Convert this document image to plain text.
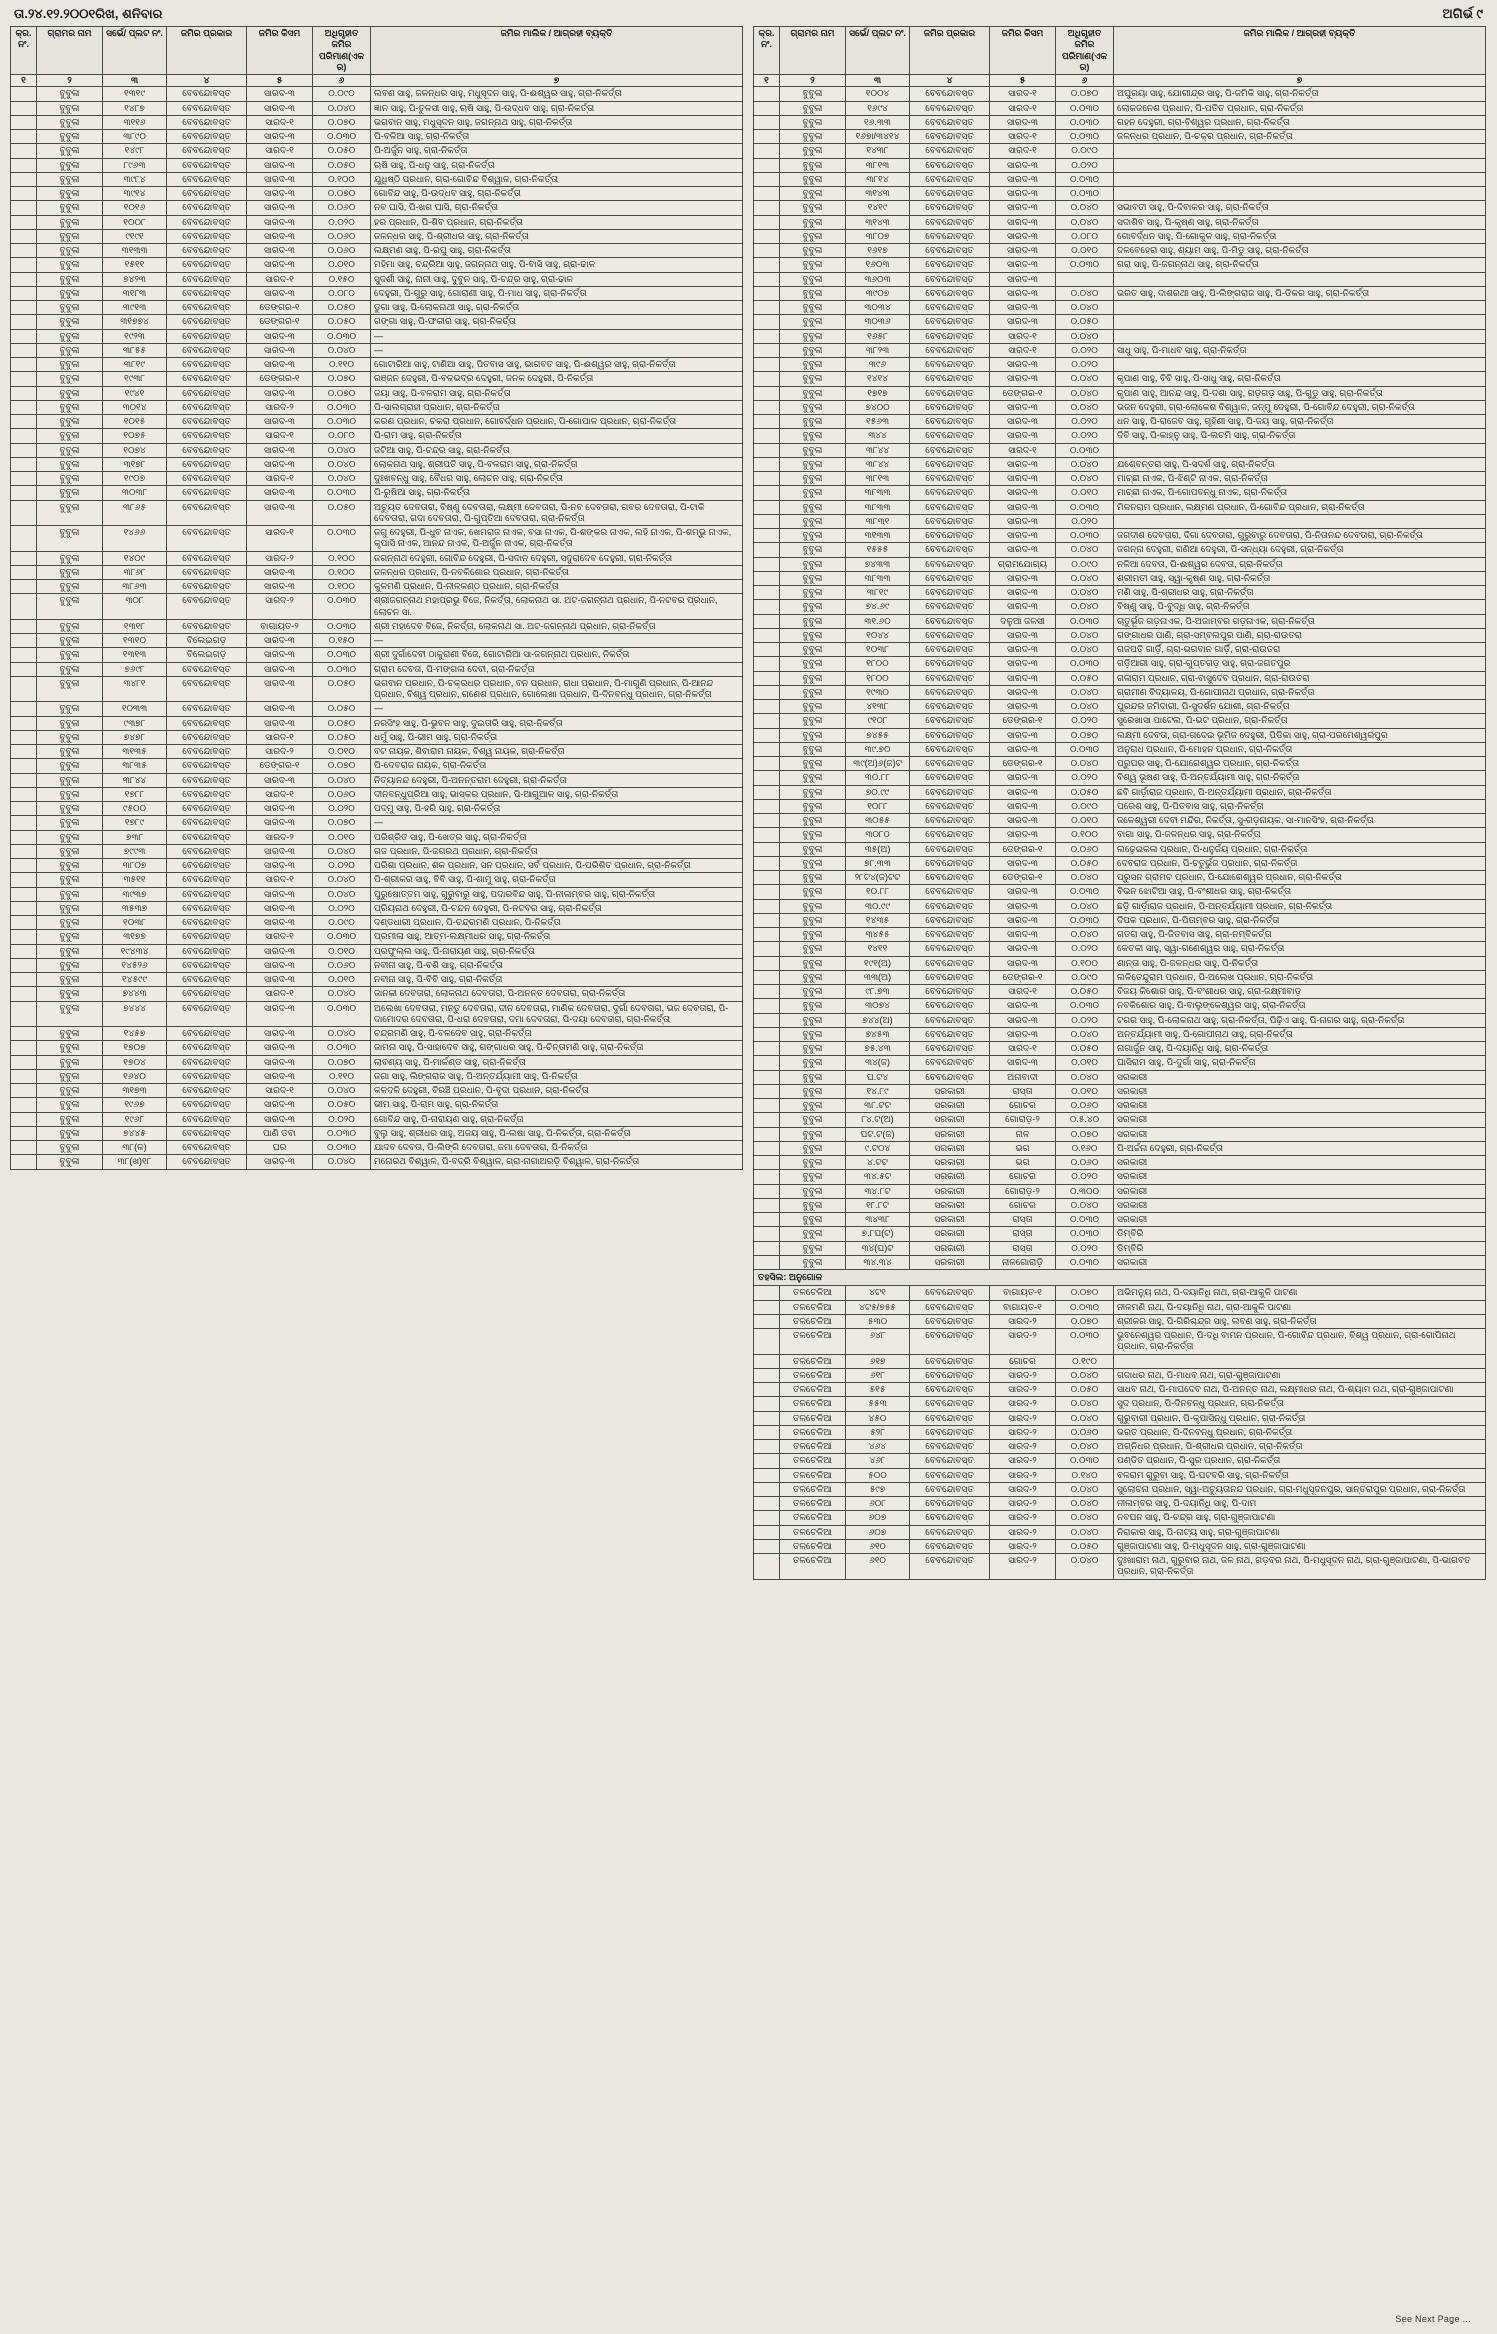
ତା.୨୪.୧୨.୨୦୦୧ରିଖ, ଶନିବାର	ଅଗିର୍ଭ ୯
କ୍ର. ନଂ.	ଗ୍ରାମର ନାମ	ସର୍ଭେ/ ପ୍ଲଟ ନଂ.	ଜମିର ପ୍ରକାର	ଜମିର କିସମ	ଅଧିଗୃହୀତ ଜମିର ପରିମାଣ(ଏକର)	ଜମିର ମାଲିକ / ଆଗ୍ରହୀ ବ୍ୟକ୍ତି
୧	୨	୩	୪	୫	୬	୭
	ବୁବୁଳା	୧୩୧୯	ବେବନ୍ଦୋବସ୍ତ	ସାରଦ-୩	୦.୦୯୦	ଲବଣ ସାହୁ, ଜଳନ୍ଧର ସାହୁ, ମଧୁସୂଦନ ସାହୁ, ପି-ଈଶ୍ୱର ସାହୁ, ଗ୍ରା-ନିକର୍ତ୍ତା
	ବୁବୁଳା	୧୪୮୭	ବେବନ୍ଦୋବସ୍ତ	ସାରଦ-୩	୦.୦୪୦	ଜ୍ଞାନ ସାହୁ, ପି-ତୁଳସୀ ସାହୁ, ଋଷି ସାହୁ, ପି-ଉଦ୍ଧବ ସାହୁ, ଗ୍ରା-ନିକର୍ତ୍ତା
	ବୁବୁଳା	୩୧୧୬	ବେବନ୍ଦୋବସ୍ତ	ସାରଦ-୧	୦.୦୭୦	ଭଗବାନ ସାହୁ, ମଧୁସୂଦନ ସାହୁ, ଜଗନ୍ନାଥ ସାହୁ, ଗ୍ରା-ନିକର୍ତ୍ତା
	ବୁବୁଳା	୩୮୯୦	ବେବନ୍ଦୋବସ୍ତ	ସାରଦ-୩	୦.୦୩୦	ପି-ବଳିଆ ସାହୁ, ଗ୍ରା-ନିକର୍ତ୍ତା
	ବୁବୁଳା	୧୪୯୮	ବେବନ୍ଦୋବସ୍ତ	ସାରଦ-୧	୦.୦୫୦	ପି-ଅର୍ଜୁନ ସାହୁ, ଗ୍ରା-ନିକର୍ତ୍ତା
	ବୁବୁଳା	୮୯୬୩	ବେବନ୍ଦୋବସ୍ତ	ସାରଦ-୩	୦.୦୫୦	ଋଷି ସାହୁ, ପି-ଧନୁ ସାହୁ, ଗ୍ରା-ନିକର୍ତ୍ତା
	ବୁବୁଳା	୩୯୮୪	ବେବନ୍ଦୋବସ୍ତ	ସାରଦ-୩	୦.୧୦୦	ଯୁଧିଷ୍ଠି ପ୍ରଧାନ, ଗ୍ରା-ଗୋବିନ୍ଦ ବିଶ୍ୱାଳ, ଗ୍ରା-ନିକର୍ତ୍ତା
	ବୁବୁଳା	୩୯୧୪	ବେବନ୍ଦୋବସ୍ତ	ସାରଦ-୩	୦.୦୭୦	ଗୋବିନ୍ଦ ସାହୁ, ପି-ଉଦ୍ଧବ ସାହୁ, ଗ୍ରା-ନିକର୍ତ୍ତା
	ବୁବୁଳା	୧୦୧୬	ବେବନ୍ଦୋବସ୍ତ	ସାରଦ-୩	୦.୦୬୦	ନବ ଘାସି, ପି-ଖଗ ଘାସି, ଗ୍ରା-ନିକର୍ତ୍ତା
	ବୁବୁଳା	୧୦୦୮	ବେବନ୍ଦୋବସ୍ତ	ସାରଦ-୩	୦.୦୨୦	ହର ପ୍ରଧାନ, ପି-ଶିବ ପ୍ରଧାନ, ଗ୍ରା-ନିକର୍ତ୍ତା
	ବୁବୁଳା	୯୧୯୧	ବେବନ୍ଦୋବସ୍ତ	ସାରଦ-୩	୦.୦୬୦	ଜଳନ୍ଧର ସାହୁ, ପି-ଶ୍ରୀଧର ସାହୁ, ଗ୍ରା-ନିକର୍ତ୍ତା
	ବୁବୁଳା	୩୧୩୩	ବେବନ୍ଦୋବସ୍ତ	ସାରଦ-୩	୦.୦୬୦	ଲକ୍ଷ୍ମଣ ସାହୁ, ପି-ରଘୁ ସାହୁ, ଗ୍ରା-ନିକର୍ତ୍ତା
	ବୁବୁଳା	୧୫୧୧	ବେବନ୍ଦୋବସ୍ତ	ସାରଦ-୩	୦.୦୧୦	ମହିମା ସାହୁ, ଚନ୍ଦ୍ରିଆ ସାହୁ, ଜଗନ୍ନାଥ ସାହୁ, ପି-ବାସି ସାହୁ, ଗ୍ରା-ଢାଳ
	ବୁବୁଳା	୭୪୨୩	ବେବନ୍ଦୋବସ୍ତ	ସାରଦ-୧	୦.୧୫୦	ସୁଦର୍ଶୀ ସାହୁ, ନାନୀ ସାହୁ, ଦୁବୁନ ସାହୁ, ପି-ଚନ୍ଦ୍ର ସାହୁ, ଗ୍ରା-ଢାଳ
	ବୁବୁଳା	୩୧୮୩	ବେବନ୍ଦୋବସ୍ତ	ସାରଦ-୩	୦.୦୮୦	ଦେହୁରୀ, ପି-ଗୁରୁ ସାହୁ, ଗୋରାଣୀ ସାହୁ, ପି-ମାଧ ସାହୁ, ଗ୍ରା-ନିକର୍ତ୍ତା
	ବୁବୁଳା	୩୯୧୩	ବେବନ୍ଦୋବସ୍ତ	ଡେଙ୍ଗର-୧	୦.୦୫୦	ଡୁଗା ସାହୁ, ପି-ଲୋକନାଥୀ ସାହୁ, ଗ୍ରା-ନିକର୍ତ୍ତା
	ବୁବୁଳା	୩୧୭୭୪	ବେବନ୍ଦୋବସ୍ତ	ଡେଙ୍ଗର-୧	୦.୦୫୦	ଗଙ୍ଗା ସାହୁ, ପି-ଫକୀର ସାହୁ, ଗ୍ରା-ନିକର୍ତ୍ତା
	ବୁବୁଳା	୧୯୨୩	ବେବନ୍ଦୋବସ୍ତ	ସାରଦ-୩	୦.୦୩୦	—
	ବୁବୁଳା	୩୮୫୫	ବେବନ୍ଦୋବସ୍ତ	ସାରଦ-୩	୦.୦୪୦	—
	ବୁବୁଳା	୩୮୧୯	ବେବନ୍ଦୋବସ୍ତ	ସାରଦ-୩	୦.୧୧୦	ଗୋଟାରିଆ ସାହୁ, ଟାଣିଆ ସାହୁ, ପିତବାସ ସାହୁ, ଭାଗବତ ସାହୁ, ପି-ଈଶ୍ୱର ସାହୁ, ଗ୍ରା-ନିକର୍ତ୍ତା
	ବୁବୁଳା	୧୯୩୮	ବେବନ୍ଦୋବସ୍ତ	ଡେଙ୍ଗର-୧	୦.୦୭୦	ରଞ୍ଜନ ଦେହୁରୀ, ପି-ବଳଭଦ୍ର ଦେହୁରୀ, ଜନକ ଦେହୁରୀ, ପି-ନିକର୍ତ୍ତା
	ବୁବୁଳା	୧୯୪୧	ବେବନ୍ଦୋବସ୍ତ	ସାରଦ-୩	୦.୦୭୦	ଜୟା ସାହୁ, ପି-ବଳରାମ ସାହୁ, ଗ୍ରା-ନିକର୍ତ୍ତା
	ବୁବୁଳା	୩୦୧୪	ବେବନ୍ଦୋବସ୍ତ	ସାରଦ-୨	୦.୦୩୦	ପି-ସାଲଗ୍ରାହୀ ପ୍ରଧାନ, ଗ୍ରା-ନିକର୍ତ୍ତା
	ବୁବୁଳା	୧୦୧୫	ବେବନ୍ଦୋବସ୍ତ	ସାରଦ-୩	୦.୦୩୦	କରଣ ପ୍ରଧାନ, ଚକରା ପ୍ରଧାନ, ଗୋବର୍ଦ୍ଧନ ପ୍ରଧାନ, ପି-ଗୋପାଳ ପ୍ରଧାନ, ଗ୍ରା-ନିକର୍ତ୍ତା
	ବୁବୁଳା	୧୦୭୫	ବେବନ୍ଦୋବସ୍ତ	ସାରଦ-୧	୦.୦୮୦	ପି-ରାମ ସାହୁ, ଗ୍ରା-ନିକର୍ତ୍ତା
	ବୁବୁଳା	୧୦୭୪	ବେବନ୍ଦୋବସ୍ତ	ସାରଦ-୩	୦.୦୪୦	ଜଟିଆ ସାହୁ, ପି-ଚନ୍ଦ୍ର ସାହୁ, ଗ୍ରା-ନିକର୍ତ୍ତା
	ବୁବୁଳା	୩୧୭୮	ବେବନ୍ଦୋବସ୍ତ	ସାରଦ-୩	୦.୦୪୦	ଲୋକନାଥ ସାହୁ, ଶ୍ରୀପତି ସାହୁ, ପି-ବଳରାମ ସାହୁ, ଗ୍ରା-ନିକର୍ତ୍ତା
	ବୁବୁଳା	୧୯୦୭	ବେବନ୍ଦୋବସ୍ତ	ସାରଦ-୧	୦.୦୪୦	ଦୁଃଖବନ୍ଧୁ ସାହୁ, ବୈଧର ସାହୁ, ଲୋଚନ ସାହୁ, ଗ୍ରା-ନିକର୍ତ୍ତା
	ବୁବୁଳା	୩୦୩୮	ବେବନ୍ଦୋବସ୍ତ	ସାରଦ-୩	୦.୦୩୦	ପି-ରୁଷିଆ ସାହୁ, ଗ୍ରା-ନିକର୍ତ୍ତା
	ବୁବୁଳା	୩୮୬୫	ବେବନ୍ଦୋବସ୍ତ	ସାରଦ-୩	୦.୦୫୦	ଅଚ୍ୟୁତ ଦେବତାରା, ବିଷ୍ଣୁ ଦେବତାରା, ଲକ୍ଷ୍ମୀ ଦେବତାରା, ପି-ନବ ଦେବତାରା, ଗବର ଦେବତାରା, ପି-ଟାକି ଦେବତାରା, ଗଦା ଦେବତାରା, ପି-ଗୁପ୍ତିଆ ଦେବତାରା, ଗ୍ରା-ନିକର୍ତ୍ତା
	ବୁବୁଳା	୧୪୬୬	ବେବନ୍ଦୋବସ୍ତ	ସାରଦ-୧	୦.୦୩୦	ଜଗୁ ଦେହୁରୀ, ପି-ଧୁବ ନାଏକ, ଖେମରାଜ ନାଏକ, ବସା ନାଏକ, ପି-ଶଙ୍କର ନାଏକ, ଲହି ନାଏକ, ପି-ଶମ୍ଭୁ ନାଏକ, କୃପାସି ନାଏକ, ଆନନ୍ଦ ନାଏକ, ପି-ଅର୍ଜୁନ ନାଏକ, ଗ୍ରା-ନିକର୍ତ୍ତା
	ବୁବୁଳା	୧୪୦୯	ବେବନ୍ଦୋବସ୍ତ	ସାରଦ-୨	୦.୧୦୦	ଜଗନ୍ନାଥ ଦେହୁରୀ, ଗୋବିନ୍ଦ ଦେହୁରୀ, ପି-ସଦାନ ଦେହୁରୀ, ସଦୁରାଦେବ ଦେହୁରୀ, ଗ୍ରା-ନିକର୍ତ୍ତା
	ବୁବୁଳା	୩୮୬୮	ବେବନ୍ଦୋବସ୍ତ	ସାରଦ-୩	୦.୧୦୦	ଜଳନ୍ଧର ପ୍ରଧାନ, ପି-ନବକିଶୋର ପ୍ରଧାନ, ଗ୍ରା-ନିକର୍ତ୍ତା
	ବୁବୁଳା	୩୮୬୩	ବେବନ୍ଦୋବସ୍ତ	ସାରଦ-୩	୦.୧୦୦	କୁଳମଣି ପ୍ରଧାନ, ପି-ନୀଳକଣ୍ଠ ପ୍ରଧାନ, ଗ୍ରା-ନିକର୍ତ୍ତା
	ବୁବୁଳା	୩୦୮	ବେବନ୍ଦୋବସ୍ତ	ସାରଦ-୨	୦.୦୩୦	ଶ୍ରୀଜଗନ୍ନାଥ ମହାପ୍ରଭୁ ବିଜେ, ନିକର୍ତ୍ତା, ଲୋକନାଥ ସା. ଅଟ-ଜଗନ୍ନାଥ ପ୍ରଧାନ, ପି-ନଟବର ପ୍ରଧାନ, ଲୋଚନ ସା.
	ବୁବୁଳା	୧୩୧୮	ବେବନ୍ଦୋବସ୍ତ	ବାଗାୟତ-୨	୦.୦୩୦	ଶ୍ରୀ ମହାଦେବ ବିଜେ, ନିକର୍ତ୍ତା, ଲୋକନାଥ ସା. ଅଟ-ଜଗନ୍ନାଥ ପ୍ରଧାନ, ଗ୍ରା-ନିକର୍ତ୍ତା
	ବୁବୁଳା	୧୩୧୦	ବିଲେଇଗଡ଼	ସାରଦ-୩	୦.୧୫୦	—
	ବୁବୁଳା	୧୩୧୩	ବିଲେଇଗଡ଼	ସାରଦ-୩	୦.୦୩୦	ଶ୍ରୀ ଦୁର୍ଗାଦେବୀ ଠାକୁରାଣୀ ବିଜେ, ଗୋଟାରିଆ ସା-ଜଗନ୍ନାଥ ପ୍ରଧାନ, ନିକର୍ତ୍ତା
	ବୁବୁଳା	୭୬୯୮	ବେବନ୍ଦୋବସ୍ତ	ସାରଦ-୩	୦.୦୩୦	ଗ୍ରାମ ଦେବତା, ପି-ମଙ୍ଗଳା ଦେବୀ, ଗ୍ରା-ନିକର୍ତ୍ତା
	ବୁବୁଳା	୩୪୮୧	ବେବନ୍ଦୋବସ୍ତ	ସାରଦ-୩	୦.୦୫୦	ଭଗବାନ ପ୍ରଧାନ, ପି-ଚକ୍ରଧର ପ୍ରଧାନ, ବନ ପ୍ରଧାନ, ରାଧା ପ୍ରଧାନ, ପି-ମାଗୁଣି ପ୍ରଧାନ, ପି-ଆନନ୍ଦ ପ୍ରଧାନ, ବିଶ୍ୱ ପ୍ରଧାନ, ଗଣେଶ ପ୍ରଧାନ, ଗୋଲେଖା ପ୍ରଧାନ, ପି-ଦିନବନ୍ଧୁ ପ୍ରଧାନ, ଗ୍ରା-ନିକର୍ତ୍ତା
	ବୁବୁଳା	୧୦୩୩	ବେବନ୍ଦୋବସ୍ତ	ସାରଦ-୩	୦.୦୫୦	—
	ବୁବୁଳା	୯୩୭୮	ବେବନ୍ଦୋବସ୍ତ	ସାରଦ-୩	୦.୦୫୦	ନରସିଂହ ସାହୁ, ପି-ଭୁବନ ସାହୁ, ଦୁଇତାରି ସାହୁ, ଗ୍ରା-ନିକର୍ତ୍ତା
	ବୁବୁଳା	୭୪୭୮	ବେବନ୍ଦୋବସ୍ତ	ସାରଦ-୧	୦.୦୫୦	ଧର୍ମୁ ସାହୁ, ପି-ଭୀମ ସାହୁ, ଗ୍ରା-ନିକର୍ତ୍ତା
	ବୁବୁଳା	୩୧୩୫	ବେବନ୍ଦୋବସ୍ତ	ସାରଦ-୨	୦.୦୧୦	ବଟ ନାୟକ, ଶିବାରାମ ନାୟକ, ବିଶ୍ୱ ନାୟକ, ଗ୍ରା-ନିକର୍ତ୍ତା
	ବୁବୁଳା	୩୮୩୫	ବେବନ୍ଦୋବସ୍ତ	ଡେଙ୍ଗର-୧	୦.୦୭୦	ପି-ଦେବରାଜ ନାୟକ, ଗ୍ରା-ନିକର୍ତ୍ତା
	ବୁବୁଳା	୩୮୪୪	ବେବନ୍ଦୋବସ୍ତ	ସାରଦ-୩	୦.୦୪୦	ନିତ୍ୟାନନ୍ଦ ଦେହୁରୀ, ପି-ଅନନ୍ତରାମ ଦେହୁରୀ, ଗ୍ରା-ନିକର୍ତ୍ତା
	ବୁବୁଳା	୧୭୮୮	ବେବନ୍ଦୋବସ୍ତ	ସାରଦ-୧	୦.୦୬୦	ଦୀନବନ୍ଧୁପ୍ରିଆ ସାହୁ, ଭାସ୍କର ପ୍ରଧାନ, ପି-ଆଗୁଆଳ ସାହୁ, ଗ୍ରା-ନିକର୍ତ୍ତା
	ବୁବୁଳା	୯୫୦୦	ବେବନ୍ଦୋବସ୍ତ	ସାରଦ-୩	୦.୦୨୦	ପଦ୍ମୁ ସାହୁ, ପି-ହରି ସାହୁ, ଗ୍ରା-ନିକର୍ତ୍ତା
	ବୁବୁଳା	୧୭୮୯	ବେବନ୍ଦୋବସ୍ତ	ସାରଦ-୩	୦.୦୭୦	—
	ବୁବୁଳା	୭୩୮	ବେବନ୍ଦୋବସ୍ତ	ସାରଦ-୨	୦.୦୧୦	ପରିଶ୍ରିତ ସାହୁ, ପି-ଖେତ୍ର ସାହୁ, ଗ୍ରା-ନିକର୍ତ୍ତା
	ବୁବୁଳା	୭୯୯୩	ବେବନ୍ଦୋବସ୍ତ	ସାରଦ-୩	୦.୦୪୦	ଗଜ ପ୍ରଧାନ, ପି-ଜଗରଥ ପ୍ରଧାନ, ଗ୍ରା-ନିକର୍ତ୍ତା
	ବୁବୁଳା	୩୮୦୭	ବେବନ୍ଦୋବସ୍ତ	ସାରଦ-୩	୦.୦୨୦	ପରିଶା ପ୍ରଧାନ, ଶକ ପ୍ରଧାନ, ସନ ପ୍ରଧାନ, ସର୍ବ ପ୍ରଧାନ, ପି-ପରିଶିତ ପ୍ରଧାନ, ଗ୍ରା-ନିକର୍ତ୍ତା
	ବୁବୁଳା	୩୫୧୧	ବେବନ୍ଦୋବସ୍ତ	ସାରଦ-୧	୦.୦୪୦	ପି-ଶ୍ରୀକର ସାହୁ, ବିବି ସାହୁ, ପି-ଶାମୁ ସାହୁ, ଗ୍ରା-ନିକର୍ତ୍ତା
	ବୁବୁଳା	୩୯୩୭	ବେବନ୍ଦୋବସ୍ତ	ସାରଦ-୩	୦.୦୪୦	ପୁରୁଷୋତ୍ତମ ସାହୁ, ଗୁରୁବାରୁ ସାହୁ, ପଦାରବିନ୍ଦ ସାହୁ, ପି-ନୀଳାମ୍ବର ସାହୁ, ଗ୍ରା-ନିକର୍ତ୍ତା
	ବୁବୁଳା	୩୫୩୭	ବେବନ୍ଦୋବସ୍ତ	ସାରଦ-୩	୦.୦୨୦	ପ୍ରିୟନାଥ ଦେହୁରୀ, ପି-ଚନ୍ଦନ ଦେହୁରୀ, ପି-ନଟବର ସାହୁ, ଗ୍ରା-ନିକର୍ତ୍ତା
	ବୁବୁଳା	୧୦୩୮	ବେବନ୍ଦୋବସ୍ତ	ସାରଦ-୩	୦.୦୯୦	ଦଣ୍ଡଧାରୀ ପ୍ରଧାନ, ପି-ଚନ୍ଦ୍ରମଣି ପ୍ରଧାନ, ପି-ନିକର୍ତ୍ତା
	ବୁବୁଳା	୩୧୭୭	ବେବନ୍ଦୋବସ୍ତ	ସାରଦ-୧	୦.୦୩୦	ପ୍ରମୀଳା ସାହୁ, ଆତ୍ମ-ଲକ୍ଷ୍ମୀଧର ସାହୁ, ଗ୍ରା-ନିକର୍ତ୍ତା
	ବୁବୁଳା	୧୯୪୩୪	ବେବନ୍ଦୋବସ୍ତ	ସାରଦ-୩	୦.୦୧୦	ପ୍ରଫୁଲ୍ଲ ସାହୁ, ପି-ନାରାୟଣ ସାହୁ, ଗ୍ରା-ନିକର୍ତ୍ତା
	ବୁବୁଳା	୧୪୫୨୬	ବେବନ୍ଦୋବସ୍ତ	ସାରଦ-୩	୦.୦୬୦	ନବୀନା ସାହୁ, ପି-ବଶି ସାହୁ, ଗ୍ରା-ନିକର୍ତ୍ତା
	ବୁବୁଳା	୧୪୫୯୯	ବେବନ୍ଦୋବସ୍ତ	ସାରଦ-୩	୦.୦୧୦	ନବୀନା ସାହୁ, ପି-ବିବି ସାହୁ, ଗ୍ରା-ନିକର୍ତ୍ତା
	ବୁବୁଳା	୭୪୪୩	ବେବନ୍ଦୋବସ୍ତ	ସାରଦ-୧	୦.୦୪୦	ଜାନକୀ ଦେବତାରା, ଲୋକନାଥ ଦେବତାରା, ପି-ଅନନ୍ତ ଦେବତାରା, ଗ୍ରା-ନିକର୍ତ୍ତା
	ବୁବୁଳା	୭୪୪୪	ବେବନ୍ଦୋବସ୍ତ	ସାରଦ-୩	୦.୦୩୦	ଅଲେଖା ଦେବତାରା, ମନ୍ତୁ ଦେବତାରା, ଦୀନ ଦେବତାରା, ମାଣିକ ଦେବତାରା, ଦୁର୍ଗା ଦେବତାରା, ଭଜ ଦେବତାରା, ପି-ଦାମୋଦର ଦେବତାରା, ପି-ଧରା ଦେବତାରା, ଦମା ଦେବତାରା, ପି-ଦୟା ଦେବତାରା, ଗ୍ରା-ନିକର୍ତ୍ତା
	ବୁବୁଳା	୧୪୫୭	ବେବନ୍ଦୋବସ୍ତ	ସାରଦ-୩	୦.୦୪୦	ଚନ୍ଦ୍ରମଣି ସାହୁ, ପି-ବଳଦେବ ସାହୁ, ଗ୍ରା-ନିକର୍ତ୍ତା
	ବୁବୁଳା	୧୭୦୭	ବେବନ୍ଦୋବସ୍ତ	ସାରଦ-୩	୦.୦୩୦	ଜାମନା ସାହୁ, ପି-ସାହାଦେବ ସାହୁ, ଗଙ୍ଗାଧର ସାହୁ, ପି-ଚିନ୍ତାମଣି ସାହୁ, ଗ୍ରା-ନିକର୍ତ୍ତା
	ବୁବୁଳା	୧୭୦୪	ବେବନ୍ଦୋବସ୍ତ	ସାରଦ-୩	୦.୦୭୦	ଲାବଣ୍ୟ ସାହୁ, ପି-ମାର୍କଣ୍ଡ ସାହୁ, ଗ୍ରା-ନିକର୍ତ୍ତା
	ବୁବୁଳା	୧୬୪୦	ବେବନ୍ଦୋବସ୍ତ	ସାରଦ-୩	୦.୧୧୦	ଜଗା ସାହୁ, ଲିଙ୍ଗରାଜ ସାହୁ, ପି-ଅନ୍ତର୍ଯ୍ୟାମୀ ସାହୁ, ପି-ନିକର୍ତ୍ତା
	ବୁବୁଳା	୩୧୭୩	ବେବନ୍ଦୋବସ୍ତ	ସାରଦ-୧	୦.୦୪୦	କଳଦଳି ଦେହୁରୀ, ବିରଞ୍ଚି ପ୍ରଧାନ, ପି-ବୃଦା ପ୍ରଧାନ, ଗ୍ରା-ନିକର୍ତ୍ତା
	ବୁବୁଳା	୧୯୬୭	ବେବନ୍ଦୋବସ୍ତ	ସାରଦ-୩	୦.୦୫୦	ଭୀମ ସାହୁ, ପି-ରାମ ସାହୁ, ଗ୍ରା-ନିକର୍ତ୍ତା
	ବୁବୁଳା	୧୯୬୮	ବେବନ୍ଦୋବସ୍ତ	ସାରଦ-୩	୦.୦୨୦	ଗୋବିନ୍ଦ ସାହୁ, ପି-ନାରାୟଣ ସାହୁ, ଗ୍ରା-ନିକର୍ତ୍ତା
	ବୁବୁଳା	୭୪୪୫	ବେବନ୍ଦୋବସ୍ତ	ପାଣି ଡବା	୦.୦୩୦	ବୁଲୁ ସାହୁ, ଶ୍ରୀଧର ସାହୁ, ଅଜୟ ସାହୁ, ପି-ଲଷା ସାହୁ, ପି-ନିକର୍ତ୍ତା, ଗ୍ରା-ନିକର୍ତ୍ତା
	ବୁବୁଳା	୩୮(ଳ)	ବେବନ୍ଦୋବସ୍ତ	ଘର	୦.୦୩୦	ଯାଦବ ଦେବତା, ପି-ଲିଙ୍ଗି ଦେବତାରା, ଜମା ଦେବତାରା, ପି-ନିକର୍ତ୍ତା
	ବୁବୁଳା	୩୮(ଖ)୧୮	ବେବନ୍ଦୋବସ୍ତ	ସାରଦ-୩	୦.୦୪୦	ମନୋରଥ ବିଶ୍ୱାଳ, ପି-ବଦ୍ରି ବିଶ୍ୱାଳ, ଗ୍ରା-ନାଗାଅରଡ଼ି ବିଶ୍ୱାଳ, ଗ୍ରା-ନିକର୍ତ୍ତା
କ୍ର. ନଂ.	ଗ୍ରାମର ନାମ	ସର୍ଭେ/ ପ୍ଲଟ ନଂ.	ଜମିର ପ୍ରକାର	ଜମିର କିସମ	ଅଧିଗୃହୀତ ଜମିର ପରିମାଣ(ଏକର)	ଜମିର ମାଲିକ / ଆଗ୍ରହୀ ବ୍ୟକ୍ତି
୧	୨	୩	୪	୫	୬	୭
	ବୁବୁଳା	୧୦୦୪	ବେବନ୍ଦୋବସ୍ତ	ସାରଦ-୧	୦.୦୭୦	ଅଘୁରୟା ସାହୁ, ଯୋଗୀନ୍ଦ୍ର ସାହୁ, ପି-ଜମିକି ସାହୁ, ଗ୍ରା-ନିକର୍ତ୍ତା
	ବୁବୁଳା	୧୬୯୪	ବେବନ୍ଦୋବସ୍ତ	ସାରଦ-୧	୦.୦୩୦	ଲୋକଜନେଶ ପ୍ରଧାନ, ପି-ପତିତ ପ୍ରଧାନ, ଗ୍ରା-ନିକର୍ତ୍ତା
	ବୁବୁଳା	୧୬.୩୩	ବେବନ୍ଦୋବସ୍ତ	ସାରଦ-୩	୦.୦୩୦	ଗହନ ଦେହୁରୀ, ଗ୍ରା-ବିଶ୍ୱର ପ୍ରଧାନ, ଗ୍ରା-ନିକର୍ତ୍ତା
	ବୁବୁଳା	୧୬୭ା/୩୪୧୪	ବେବନ୍ଦୋବସ୍ତ	ସାରଦ-୧	୦.୦୩୦	ଜଳନ୍ଧର ପ୍ରଧାନ, ପି-ଚକ୍ର ପ୍ରଧାନ, ଗ୍ରା-ନିକର୍ତ୍ତା
	ବୁବୁଳା	୧୪୩୮	ବେବନ୍ଦୋବସ୍ତ	ସାରଦ-୧	୦.୦୯୦	
	ବୁବୁଳା	୩୮୧୩	ବେବନ୍ଦୋବସ୍ତ	ସାରଦ-୩	୦.୦୨୦	
	ବୁବୁଳା	୩୮୧୪	ବେବନ୍ଦୋବସ୍ତ	ସାରଦ-୩	୦.୦୩୦	
	ବୁବୁଳା	୩୧୪୩	ବେବନ୍ଦୋବସ୍ତ	ସାରଦ-୩	୦.୦୩୦	
	ବୁବୁଳା	୧୪୧୯	ବେବନ୍ଦୋବସ୍ତ	ସାରଦ-୩	୦.୦୪୦	ସଭାବତୀ ସାହୁ, ପି-ଦିବାକର ସାହୁ, ଗ୍ରା-ନିକର୍ତ୍ତା
	ବୁବୁଳା	୩୧୪୩	ବେବନ୍ଦୋବସ୍ତ	ସାରଦ-୩	୦.୦୪୦	ସଦାଶିବ ସାହୁ, ପି-କୃଷ୍ଣ ସାହୁ, ଗ୍ରା-ନିକର୍ତ୍ତା
	ବୁବୁଳା	୩୮୦୭	ବେବନ୍ଦୋବସ୍ତ	ସାରଦ-୩	୦.୦୮୦	ଗୋବର୍ଦ୍ଧନ ସାହୁ, ପି-ଗୋକୁଳ ସାହୁ, ଗ୍ରା-ନିକର୍ତ୍ତା
	ବୁବୁଳା	୧୬୧୭	ବେବନ୍ଦୋବସ୍ତ	ସାରଦ-୩	୦.୦୧୦	ଦଳବେହେରା ସାହୁ, ଶ୍ୟାମ ସାହୁ, ପି-ମିଡୁ ସାହୁ, ଗ୍ରା-ନିକର୍ତ୍ତା
	ବୁବୁଳା	୧୬୦୩	ବେବନ୍ଦୋବସ୍ତ	ସାରଦ-୩	୦.୦୩୦	ଗରା ସାହୁ, ପି-ଜଗନ୍ନାଥ ସାହୁ, ଗ୍ରା-ନିକର୍ତ୍ତା
	ବୁବୁଳା	୩୬୦୩	ବେବନ୍ଦୋବସ୍ତ	ସାରଦ-୩		
	ବୁବୁଳା	୩୯୦୭	ବେବନ୍ଦୋବସ୍ତ	ସାରଦ-୩	୦.୦୪୦	ଭରତ ସାହୁ, ଦାଶରଥୀ ସାହୁ, ପି-ଲିଙ୍ଗରାଜ ସାହୁ, ପି-ଡିକର ସାହୁ, ଗ୍ରା-ନିକର୍ତ୍ତା
	ବୁବୁଳା	୩୦୩୪	ବେବନ୍ଦୋବସ୍ତ	ସାରଦ-୩	୦.୦୪୦	
	ବୁବୁଳା	୩୦୩୬	ବେବନ୍ଦୋବସ୍ତ	ସାରଦ-୩	୦.୦୫୦	
	ବୁବୁଳା	୧୬୫୮	ବେବନ୍ଦୋବସ୍ତ	ସାରଦ-୧	୦.୦୪୦	
	ବୁବୁଳା	୩୮୨୩	ବେବନ୍ଦୋବସ୍ତ	ସାରଦ-୧	୦.୦୨୦	ସାଧୁ ସାହୁ, ପି-ମାଧବ ସାହୁ, ଗ୍ରା-ନିକର୍ତ୍ତା
	ବୁବୁଳା	୩୯୬	ବେବନ୍ଦୋବସ୍ତ	ସାରଦ-୩	୦.୦୨୦	
	ବୁବୁଳା	୧୪୧୪	ବେବନ୍ଦୋବସ୍ତ	ସାରଦ-୩	୦.୦୪୦	କୃପାଣ ସାହୁ, ବିବି ସାହୁ, ପି-ସାଧୁ ସାହୁ, ଗ୍ରା-ନିକର୍ତ୍ତା
	ବୁବୁଳା	୧୭୧୭	ବେବନ୍ଦୋବସ୍ତ	ଡେଙ୍ଗର-୧	୦.୦୪୦	କୃପାଣ ସାହୁ, ଆନନ୍ଦ ସାହୁ, ପି-ଦଶା ସାହୁ, ଗଡ଼ଗଡ଼ ସାହୁ, ପି-ଗୁଡୁ ସାହୁ, ଗ୍ରା-ନିକର୍ତ୍ତା
	ବୁବୁଳା	୭୪୦୦	ବେବନ୍ଦୋବସ୍ତ	ସାରଦ-୩	୦.୦୪୦	ଭଜନ ଦେହୁରୀ, ଗ୍ରା-ଲୋକେଶ ବିଶ୍ୱାଳ, ଜନ୍ମୁ ଦେହୁରୀ, ପି-ଗୋବିନ୍ଦ ଦେହୁରୀ, ଗ୍ରା-ନିକର୍ତ୍ତା
	ବୁବୁଳା	୧୫୬୩	ବେବନ୍ଦୋବସ୍ତ	ସାରଦ-୩	୦.୦୨୦	ଧନ ସାହୁ, ପି-ରାଜେବ ସାହୁ, ଗୃହିଣୀ ସାହୁ, ପି-ଜୟ ସାହୁ, ଗ୍ରା-ନିକର୍ତ୍ତା
	ବୁବୁଳା	୩୪୪	ବେବନ୍ଦୋବସ୍ତ	ସାରଦ-୩	୦.୦୨୦	ଦିବି ସାହୁ, ପି-କାହ୍ନୁ ସାହୁ, ପି-ଲଚମି ସାହୁ, ଗ୍ରା-ନିକର୍ତ୍ତା
	ବୁବୁଳା	୩୮୪୪	ବେବନ୍ଦୋବସ୍ତ	ସାରଦ-୧	୦.୦୩୦	
	ବୁବୁଳା	୩୮୪୪	ବେବନ୍ଦୋବସ୍ତ	ସାରଦ-୩	୦.୦୪୦	ଯଶେବନ୍ତରା ସାହୁ, ପି-ସଦର୍ଶ ସାହୁ, ଗ୍ରା-ନିକର୍ତ୍ତା
	ବୁବୁଳା	୩୮୧୩	ବେବନ୍ଦୋବସ୍ତ	ସାରଦ-୩	୦.୦୪୦	ମାଚ୍ଛୀ ନାଏକ, ପି-ଝିଣ୍ଟି ନାଏକ, ଗ୍ରା-ନିକର୍ତ୍ତା
	ବୁବୁଳା	୩୮୩୩	ବେବନ୍ଦୋବସ୍ତ	ସାରଦ-୩	୦.୦୧୦	ମାଚ୍ଛୀ ନାଏକ, ପି-ଗୋପବନ୍ଧୁ ନାଏକ, ଗ୍ରା-ନିକର୍ତ୍ତା
	ବୁବୁଳା	୩୮୩୩	ବେବନ୍ଦୋବସ୍ତ	ସାରଦ-୩	୦.୦୩୦	ମିଳନରାମ ପ୍ରଧାନ, ଲକ୍ଷ୍ମଣ ପ୍ରଧାନ, ପି-ଗୋବିନ୍ଦ ପ୍ରଧାନ, ଗ୍ରା-ନିକର୍ତ୍ତା
	ବୁବୁଳା	୩୮୩୧	ବେବନ୍ଦୋବସ୍ତ	ସାରଦ-୩	୦.୦୨୦	
	ବୁବୁଳା	୩୧୩୩	ବେବନ୍ଦୋବସ୍ତ	ସାରଦ-୩	୦.୦୩୦	ଜଗଦୀଶ ଦେବତାରା, ଦିଗା ଦେବତାରା, ଗୁରୁବାରୁ ଦେବତାରା, ପି-ନିତାନନ୍ଦ ଦେବତାରା, ଗ୍ରା-ନିକର୍ତ୍ତା
	ବୁବୁଳା	୧୫୫୫	ବେବନ୍ଦୋବସ୍ତ	ସାରଦ-୩	୦.୦୪୦	ଜଗନ୍ନା ଦେହୁରୀ, ଗଣିଆ ଦେହୁରୀ, ପି-ସନ୍ଧ୍ୟା ଦେହୁରୀ, ଗ୍ରା-ନିକର୍ତ୍ତା
	ବୁବୁଳା	୭୪୩୩	ବେବନ୍ଦୋବସ୍ତ	ଗ୍ରାମଯୋଗ୍ୟ	୦.୦୯୦	ନଳିଆ ଦେବତା, ପି-ଈଶ୍ୱର ଦେବତା, ଗ୍ରା-ନିକର୍ତ୍ତା
	ବୁବୁଳା	୩୮୩୩	ବେବନ୍ଦୋବସ୍ତ	ସାରଦ-୩	୦.୦୪୦	ଶ୍ରୀମତୀ ସାହୁ, ସ୍ୱା-କୃଷ୍ଣ ସାହୁ, ଗ୍ରା-ନିକର୍ତ୍ତା
	ବୁବୁଳା	୩୮୧୯	ବେବନ୍ଦୋବସ୍ତ	ସାରଦ-୩	୦.୦୪୦	ମଣି ସାହୁ, ପି-ଶ୍ରୀଧର ସାହୁ, ଗ୍ରା-ନିକର୍ତ୍ତା
	ବୁବୁଳା	୭୪.୬୯	ବେବନ୍ଦୋବସ୍ତ	ସାରଦ-୩	୦.୦୪୦	ବିଷ୍ଣୁ ସାହୁ, ପି-ବୁଦ୍ଧି ସାହୁ, ଗ୍ରା-ନିକର୍ତ୍ତା
	ବୁବୁଳା	୩୧.୬୦	ବେବନ୍ଦୋବସ୍ତ	ଦଳୁଆ ଜଳସୀ	୦.୦୩୦	ଚାତୁର୍ଭୂଜ ଗଡ଼ନାଏକ, ପି-ଅଜାମ୍ବର ଗଡ଼ନାଏକ, ଗ୍ରା-ନିକର୍ତ୍ତା
	ବୁବୁଳା	୧୦୪୪	ବେବନ୍ଦୋବସ୍ତ	ସାରଦ-୩	୦.୦୪୦	ଗଙ୍ଗାଧର ପାଣି, ଗ୍ରା-ସମ୍ବଲପୁର ପାଣି, ଗ୍ରା-ରାଉତରା
	ବୁବୁଳା	୧୦୩୮	ବେବନ୍ଦୋବସ୍ତ	ସାରଦ-୩	୦.୦୪୦	ଗଜପତି ଗାର୍ଡ଼ି, ଗ୍ରା-ଭଗବାନ ଗାର୍ଡ଼ି, ଗ୍ରା-ରାଉତରା
	ବୁବୁଳା	୧୮୦୦	ବେବନ୍ଦୋବସ୍ତ	ସାରଦ-୩	୦.୦୩୦	ଗଡ଼ିଆରୀ ସାହୁ, ଗ୍ରା-ଗୁପ୍ତଗଡ଼ ସାହୁ, ଗ୍ରା-ଜଗତପୁର
	ବୁବୁଳା	୧୮୦୦	ବେବନ୍ଦୋବସ୍ତ	ସାରଦ-୩	୦.୦୫୦	ଗଳାରାମ ପ୍ରଧାନ, ଗ୍ରା-ବାସୁଦେବ ପ୍ରଧାନ, ଗ୍ରା-ରାଉତରା
	ବୁବୁଳା	୧୯୩୦	ବେବନ୍ଦୋବସ୍ତ	ସାରଦ-୩	୦.୦୪୦	ଗ୍ରାମୀଣ ବିଦ୍ୟାଳୟ, ପି-ଗୋପୀନାଥ ପ୍ରଧାନ, ଗ୍ରା-ନିକର୍ତ୍ତା
	ବୁବୁଳା	୪୧୩୮	ବେବନ୍ଦୋବସ୍ତ	ସାରଦ-୩	୦.୦୪୦	ପୁରନ୍ଦର ଜମିଦାରୀ, ପି-ସୁଦର୍ଶନ ଯୋଶୀ, ଗ୍ରା-ନିକର୍ତ୍ତା
	ବୁବୁଳା	୯୧ଠ୮	ବେବନ୍ଦୋବସ୍ତ	ଡେଙ୍ଗର-୧	୦.୦୨୦	ସୁରେଖାସା ପାଟେଲ, ପି-ଭଟ ପ୍ରଧାନ, ଗ୍ରା-ନିକର୍ତ୍ତା
	ବୁବୁଳା	୭୪୫୫	ବେବନ୍ଦୋବସ୍ତ	ସାରଦ-୩	୦.୦୭୦	ଲକ୍ଷ୍ମୀ ଦେବତା, ଗ୍ରା-ଗଦେଇ ଭୂମିଜ ଦେହୁରୀ, ପିଡିକା ସାହୁ, ଗ୍ରା-ପରମେଶ୍ୱରପୁର
	ବୁବୁଳା	୩୯.୭୦	ବେବନ୍ଦୋବସ୍ତ	ସାରଦ-୩	୦.୦୩୦	ଅନୁରାଧ ପ୍ରଧାନ, ପି-ମୋହନ ପ୍ରଧାନ, ଗ୍ରା-ନିକର୍ତ୍ତା
	ବୁବୁଳା	୩୯(ଅ)୬(ଜ)ଟ	ବେବନ୍ଦୋବସ୍ତ	ଡେଙ୍ଗର-୧	୦.୦୪୦	ପ୍ରୁଘର ସାହୁ, ପି-ଯୋଗେଶ୍ୱର ପ୍ରଧାନ, ଗ୍ରା-ନିକର୍ତ୍ତା
	ବୁବୁଳା	୩୦.୮୮	ବେବନ୍ଦୋବସ୍ତ	ସାରଦ-୩	୦.୦୨୦	ବିଶ୍ୱ ଭୂଷଣ ସାହୁ, ପି-ଅନ୍ତର୍ଯ୍ୟାମୀ ସାହୁ, ଗ୍ରା-ନିକର୍ତ୍ତା
	ବୁବୁଳା	୭୦.୯୯	ବେବନ୍ଦୋବସ୍ତ	ସାରଦ-୩	୦.୦୫୦	ଛବି ଗାର୍ଡ଼ାରାଜ ପ୍ରଧାନ, ପି-ଅନ୍ତର୍ଯ୍ୟାମୀ ପ୍ରଧାନ, ଗ୍ରା-ନିକର୍ତ୍ତା
	ବୁବୁଳା	୧୦୮୮	ବେବନ୍ଦୋବସ୍ତ	ସାରଦ-୩	୦.୦୯୦	ପରେଶ ସାହୁ, ପି-ପିତବାସ ସାହୁ, ଗ୍ରା-ନିକର୍ତ୍ତା
	ବୁବୁଳା	୩୦୫୫	ବେବନ୍ଦୋବସ୍ତ	ସାରଦ-୩	୦.୦୧୦	ଜଳେଶ୍ୱରୀ ଦେବୀ ମନ୍ଦିର, ନିକର୍ତ୍ତା, ସୁ-ଗଡ଼ନାୟକ, ସା-ମାନସିଂହ, ଗ୍ରା-ନିକର୍ତ୍ତା
	ବୁବୁଳା	୩୦୮ଠ	ବେବନ୍ଦୋବସ୍ତ	ସାରଦ-୩	୦.୧୦୦	ବାଗା ସାହୁ, ପି-ଜଳନ୍ଧର ସାହୁ, ଗ୍ରା-ନିକର୍ତ୍ତା
	ବୁବୁଳା	୩୫(ଅ)	ବେବନ୍ଦୋବସ୍ତ	ଡେଙ୍ଗର-୧	୦.୦୬୦	ଲଢ଼େଇକଳା ପ୍ରଧାନ, ପି-ଧନୁର୍ଜୟ ପ୍ରଧାନ, ଗ୍ରା-ନିକର୍ତ୍ତା
	ବୁବୁଳା	୭୮.୩୩	ବେବନ୍ଦୋବସ୍ତ	ସାରଦ-୩	୦.୦୫୦	ଦେବରାଜ ପ୍ରଧାନ, ପି-ଚତୁର୍ଭୁଜ ପ୍ରଧାନ, ଗ୍ରା-ନିକର୍ତ୍ତା
	ବୁବୁଳା	୨୮ଟ୪(ଜ)ଟଟ	ବେବନ୍ଦୋବସ୍ତ	ଡେଙ୍ଗର-୧	୦.୦୪୦	ପ୍ରୁସନ ଗ୍ରାମଚ ପ୍ରଧାନ, ପି-ଯୋଗେଶ୍ୱର ପ୍ରଧାନ, ଗ୍ରା-ନିକର୍ତ୍ତା
	ବୁବୁଳା	୧୦.୮୮	ବେବନ୍ଦୋବସ୍ତ	ସାରଦ-୩	୦.୦୩୦	ବିଭନ ଝୋଟିଆ ସାହୁ, ପି-ବଂଶୀଧର ସାହୁ, ଗ୍ରା-ନିକର୍ତ୍ତା
	ବୁବୁଳା	୩୦.୯୯	ବେବନ୍ଦୋବସ୍ତ	ସାରଦ-୩	୦.୦୪୦	ଛଡ଼ି ଗାର୍ଡ଼ାରାଜ ପ୍ରଧାନ, ପି-ଅନ୍ତର୍ଯ୍ୟାମୀ ପ୍ରଧାନ, ଗ୍ରା-ନିକର୍ତ୍ତା
	ବୁବୁଳା	୧୪୩୫	ବେବନ୍ଦୋବସ୍ତ	ସାରଦ-୩	୦.୦୩୦	ଦିପକ ପ୍ରଧାନ, ପି-ପିତାମ୍ବର ସାହୁ, ଗ୍ରା-ନିକର୍ତ୍ତା
	ବୁବୁଳା	୩୪୫୫	ବେବନ୍ଦୋବସ୍ତ	ସାରଦ-୩	୦.୦୪୦	ଗତରା ସାହୁ, ପି-ଜିତବାସ ସାହୁ, ଗ୍ରା-ନମ୍ବିକର୍ତ୍ତା
	ବୁବୁଳା	୧୪୧୧	ବେବନ୍ଦୋବସ୍ତ	ସାରଦ-୩	୦.୦୨୦	କେତକୀ ସାହୁ, ସ୍ୱା-ଗଣେଶ୍ୱର ସାହୁ, ଗ୍ରା-ନିକର୍ତ୍ତା
	ବୁବୁଳା	୧୯୧(ଅ)	ବେବନ୍ଦୋବସ୍ତ	ସାରଦ-୩	୦.୧୦୦	ଶାନ୍ତା ସାହୁ, ପି-ଜଳନ୍ଧର ସାହୁ, ପି-ନିକର୍ତ୍ତା
	ବୁବୁଳା	୩୩(ଅ)	ବେବନ୍ଦୋବସ୍ତ	ଡେଙ୍ଗର-୧	୦.୦୯୦	ଲଳିତେନ୍ଦୁରାମ ପ୍ରଧାନ, ପି-ଅଲେଖ ପ୍ରଧାନ, ଗ୍ରା-ନିକର୍ତ୍ତା
	ବୁବୁଳା	୯୮.୭୩	ବେବନ୍ଦୋବସ୍ତ	ସାରଦ-୧	୦.୦୫୦	ବିଜୟ କିଶୋର ସାହୁ, ପି-ବଂଶୀଧର ସାହୁ, ଗ୍ରା-ଜକ୍ଷ୍ମୀବାଡ଼
	ବୁବୁଳା	୩୦୭୪	ବେବନ୍ଦୋବସ୍ତ	ସାରଦ-୩	୦.୦୩୦	ନବକିଶୋର ସାହୁ, ପି-ବାଲୁଙ୍କେଶ୍ୱର ସାହୁ, ଗ୍ରା-ନିକର୍ତ୍ତା
	ବୁବୁଳା	୭୪୪(ଅ)	ବେବନ୍ଦୋବସ୍ତ	ସାରଦ-୩	୦.୦୨୦	ଟଗର ସାହୁ, ପି-ଲୋକନାଥ ସାହୁ, ଗ୍ରା-ନିକର୍ତ୍ତା, ପିଢ଼ିଏ ସାହୁ, ପି-ନାଗର ସାହୁ, ଗ୍ରା-ନିକର୍ତ୍ତା
	ବୁବୁଳା	୭୪୫୩	ବେବନ୍ଦୋବସ୍ତ	ସାରଦ-୩	୦.୦୪୦	ଅନ୍ତର୍ଯ୍ୟାମୀ ସାହୁ, ପି-ଗୋପୀନାଥ ସାହୁ, ଗ୍ରା-ନିକର୍ତ୍ତା
	ବୁବୁଳା	୭୫.୪୩	ବେବନ୍ଦୋବସ୍ତ	ସାରଦ-୧	୦.୦୫୦	ନାଗାର୍ଜୁନ ସାହୁ, ପି-ଦୟାନିଧି ସାହୁ, ଗ୍ରା-ନିକର୍ତ୍ତା
	ବୁବୁଳା	୩୪(ଜ)	ବେବନ୍ଦୋବସ୍ତ	ସାରଦ-୩	୦.୦୧୦	ଘାସିରାମ ସାହୁ, ପି-ଦୁର୍ଗା ସାହୁ, ଗ୍ରା-ନିକର୍ତ୍ତା
	ବୁବୁଳା	ଘ.ଟ୪	ବେବନ୍ଦୋବସ୍ତ	ଅନାବାଦୀ	୦.୦୪୦	ସରକାରୀ
	ବୁବୁଳା	୧୪.୮୯	ସରକାରୀ	ରାସ୍ତା	୦.୦୧୦	ସରକାରୀ
	ବୁବୁଳା	୩୮.ଟଟ	ସରକାରୀ	ଗୋଚର	୦.୦୬୦	ସରକାରୀ
	ବୁବୁଳା	୮୪.ଟ(ଅ)	ସରକାରୀ	ଗୋରାଡ଼-୨	୦.୫.୪୦	ସରକାରୀ
	ବୁବୁଳା	ଘଟ.ଟ(ଜ)	ସରକାରୀ	ନାଳ	୦.୦୭୦	ସରକାରୀ
	ବୁବୁଳା	୯.ଟ୦୪	ସରକାରୀ	ଭଗ	୦.୧୬୦	ପି-ଅର୍ଚ୍ଚନା ଦେହୁରୀ, ଗ୍ରା-ନିକର୍ତ୍ତା
	ବୁବୁଳା	୪.ଟଟ	ସରକାରୀ	ଭଗ	୦.୦୬୦	ସରକାରୀ
	ବୁବୁଳା	୩୪.୫ଟ	ସରକାରୀ	ଗୋଚର	୦.୦୨୦	ସରକାରୀ
	ବୁବୁଳା	୩୪.୮ଟ	ସରକାରୀ	ଗୋରାଡ଼-୨	୦.୩୦୦	ସରକାରୀ
	ବୁବୁଳା	୧୮.୮ଟ	ସରକାରୀ	ଗୋଚର	୦.୦୪୦	ସରକାରୀ
	ବୁବୁଳା	୩୪୩୮	ସରକାରୀ	ରାସ୍ତା	୦.୦୩୦	ସରକାରୀ
	ବୁବୁଳା	୭.୮ଘ(ଟ)	ସରକାରୀ	ରାସ୍ତା	୦.୦୩୦	ଡିମ୍ବିରି
	ବୁବୁଳା	୩୪(ଘ)ଟ	ସରକାରୀ	ରାସ୍ତା	୦.୦୨୦	ଡିମ୍ବିରି
	ବୁବୁଳା	୩୪.୩୪	ସରକାରୀ	ନାଳଗୋରାଡ଼ି	୦.୦୩୦	ସରକାରୀ
ତହସିଲ: ଅନୁଗୋଳ						
	ତଳଚେଳିଆ	୪ଟ୧	ବେବନ୍ଦୋବସ୍ତ	ବାଗାୟତ-୧	୦.୦୭୦	ଅଭିମନ୍ୟୁ ନାଥ, ପି-ଦୟାନିଧି ନାଥ, ଗ୍ରା-ଆକୁଳି ପାଟଣା
	ତଳଚେଳିଆ	୪ଟ୫/୭୫୫	ବେବନ୍ଦୋବସ୍ତ	ବାଗାୟତ-୧	୦.୦୩୦	ନୀଳମଣି ନାଥ, ପି-ଦୟାନିଧି ନାଥ, ଗ୍ରା-ଆକୁଳି ପାଟଣା
	ତଳଚେଳିଆ	୫୩୦	ବେବନ୍ଦୋବସ୍ତ	ସାରଦ-୨	୦.୦୭୦	ଶ୍ରୀକର ସାହୁ, ପି-ଗିରିଶ୍ଚନ୍ଦ୍ର ସାହୁ, ଲବଣ ସାହୁ, ଗ୍ରା-ନିକର୍ତ୍ତା
	ତଳଚେଳିଆ	୬୪୮	ବେବନ୍ଦୋବସ୍ତ	ସାରଦ-୨	୦.୦୩୦	ଭୁବନେଶ୍ୱର ପ୍ରଧାନ, ପି-ଦଧି ବାମନ ପ୍ରଧାନ, ପି-ଗୋବିନ୍ଦ ପ୍ରଧାନ, ବିଶ୍ୱ ପ୍ରଧାନ, ଗ୍ରା-ଗୋପିନାଥ ପ୍ରଧାନ, ଗ୍ରା-ନିକର୍ତ୍ତା
	ତଳଚେଳିଆ	୬୧୭	ବେବନ୍ଦୋବସ୍ତ	ଗୋଚର	୦.୧୯୦	
	ତଳଚେଳିଆ	୬୧୮	ବେବନ୍ଦୋବସ୍ତ	ସାରଦ-୨	୦.୦୪୦	ଗଦାଧର ନାଥ, ପି-ମାଧବ ନାଥ, ଗ୍ରା-ଗୁଞ୍ଜାପାଟଣା
	ତଳଚେଳିଆ	୫୧୫	ବେବନ୍ଦୋବସ୍ତ	ସାରଦ-୨	୦.୦୫୦	ସାଧବ ନାଥ, ପି-ମାଘଦେବ ନାଥ, ପି-ଅନନ୍ତ ନାଥ, ଲକ୍ଷ୍ମୀଧର ନାଥ, ପି-ଶ୍ୟାମ ନାଥ, ଗ୍ରା-ଗୁଞ୍ଜାପାଟଣା
	ତଳଚେଳିଆ	୫୫୩	ବେବନ୍ଦୋବସ୍ତ	ସାରଦ-୨	୦.୦୪୦	ସୁଦ ପ୍ରଧାନ, ପି-ଦିନବନ୍ଧୁ ପ୍ରଧାନ, ଗ୍ରା-ନିକର୍ତ୍ତା
	ତଳଚେଳିଆ	୪୫୦	ବେବନ୍ଦୋବସ୍ତ	ସାରଦ-୨	୦.୦୪୦	ଗୁରୁବାରୀ ପ୍ରଧାନ, ପି-କୃପାସିନ୍ଧୁ ପ୍ରଧାନ, ଗ୍ରା-ନିକର୍ତ୍ତା
	ତଳଚେଳିଆ	୫୨୮	ବେବନ୍ଦୋବସ୍ତ	ସାରଦ-୨	୦.୦୬୦	ଭରତ ପ୍ରଧାନ, ପି-ଦିନବନ୍ଧୁ ପ୍ରଧାନ, ଗ୍ରା-ନିକର୍ତ୍ତା
	ତଳଚେଳିଆ	୪୬୪	ବେବନ୍ଦୋବସ୍ତ	ସାରଦ-୨	୦.୦୪୦	ଅଗ୍ନିଧର ପ୍ରଧାନ, ପି-ଶ୍ରୀଧର ପ୍ରଧାନ, ଗ୍ରା-ନିକର୍ତ୍ତା
	ତଳଚେଳିଆ	୪୬୮	ବେବନ୍ଦୋବସ୍ତ	ସାରଦ-୨	୦.୦୩୦	ପଣ୍ଡିତ ପ୍ରଧାନ, ପି-ସୁର ପ୍ରଧାନ, ଗ୍ରା-ନିକର୍ତ୍ତା
	ତଳଚେଳିଆ	୫୦୦	ବେବନ୍ଦୋବସ୍ତ	ସାରଦ-୨	୦.୧୪୦	ବଳରାମ ଗୁରୁବା ସାହୁ, ପି-ଘଟବରି ସାହୁ, ଗ୍ରା-ନିକର୍ତ୍ତା
	ତଳଚେଳିଆ	୫୯୭	ବେବନ୍ଦୋବସ୍ତ	ସାରଦ-୨	୦.୦୪୦	ସୁଲୋଚନା ପ୍ରଧାନ, ସ୍ୱା-ଅଚ୍ୟୁତାନନ୍ଦ ପ୍ରଧାନ, ଗ୍ରା-ମଧୁସୂଦନପୁର, ସାନ୍ତରାପୁର ପ୍ରଧାନ, ଗ୍ରା-ନିକର୍ତ୍ତା
	ତଳଚେଳିଆ	୬୦୮	ବେବନ୍ଦୋବସ୍ତ	ସାରଦ-୨	୦.୦୪୦	ନୀଳାମ୍ବର ସାହୁ, ପି-ଦୟାନିଧି ସାହୁ, ପି-ଦାମ
	ତଳଚେଳିଆ	୬୦୭	ବେବନ୍ଦୋବସ୍ତ	ସାରଦ-୨	୦.୦୪୦	ନବଘନ ସାହୁ, ପି-ଚନ୍ଦ୍ର ସାହୁ, ଗ୍ରା-ଗୁଞ୍ଜାପାଟଣା
	ତଳଚେଳିଆ	୬୦୭	ବେବନ୍ଦୋବସ୍ତ	ସାରଦ-୨	୦.୦୪୦	ନିରାକାର ସାହୁ, ପି-ନାଟ୍ୟ ସାହୁ, ଗ୍ରା-ଗୁଞ୍ଜାପାଟଣା
	ତଳଚେଳିଆ	୬୧ଠ	ବେବନ୍ଦୋବସ୍ତ	ସାରଦ-୨	୦.୦୫୦	ଗୁଞ୍ଜାପାଟଣା ସାହୁ, ପି-ମଧୁସୂଦନ ସାହୁ, ଗ୍ରା-ଗୁଞ୍ଜାପାଟଣା
	ତଳଚେଳିଆ	୬୧୦	ବେବନ୍ଦୋବସ୍ତ	ସାରଦ-୨	୦.୦୪୦	ଦୁଃଖାରାମ ନାଥ, ଗୁରୁବାର ନାଥ, ଜଳ ନାଥ, ଗଡ଼ବର ନାଥ, ପି-ମଧୁସୂଦନ ନାଥ, ଗ୍ରା-ଗୁଞ୍ଜାପାଟଣା, ପି-ଭାଗବତ ପ୍ରଧାନ, ଗ୍ରା-ନିକର୍ତ୍ତା
See Next Page ...
